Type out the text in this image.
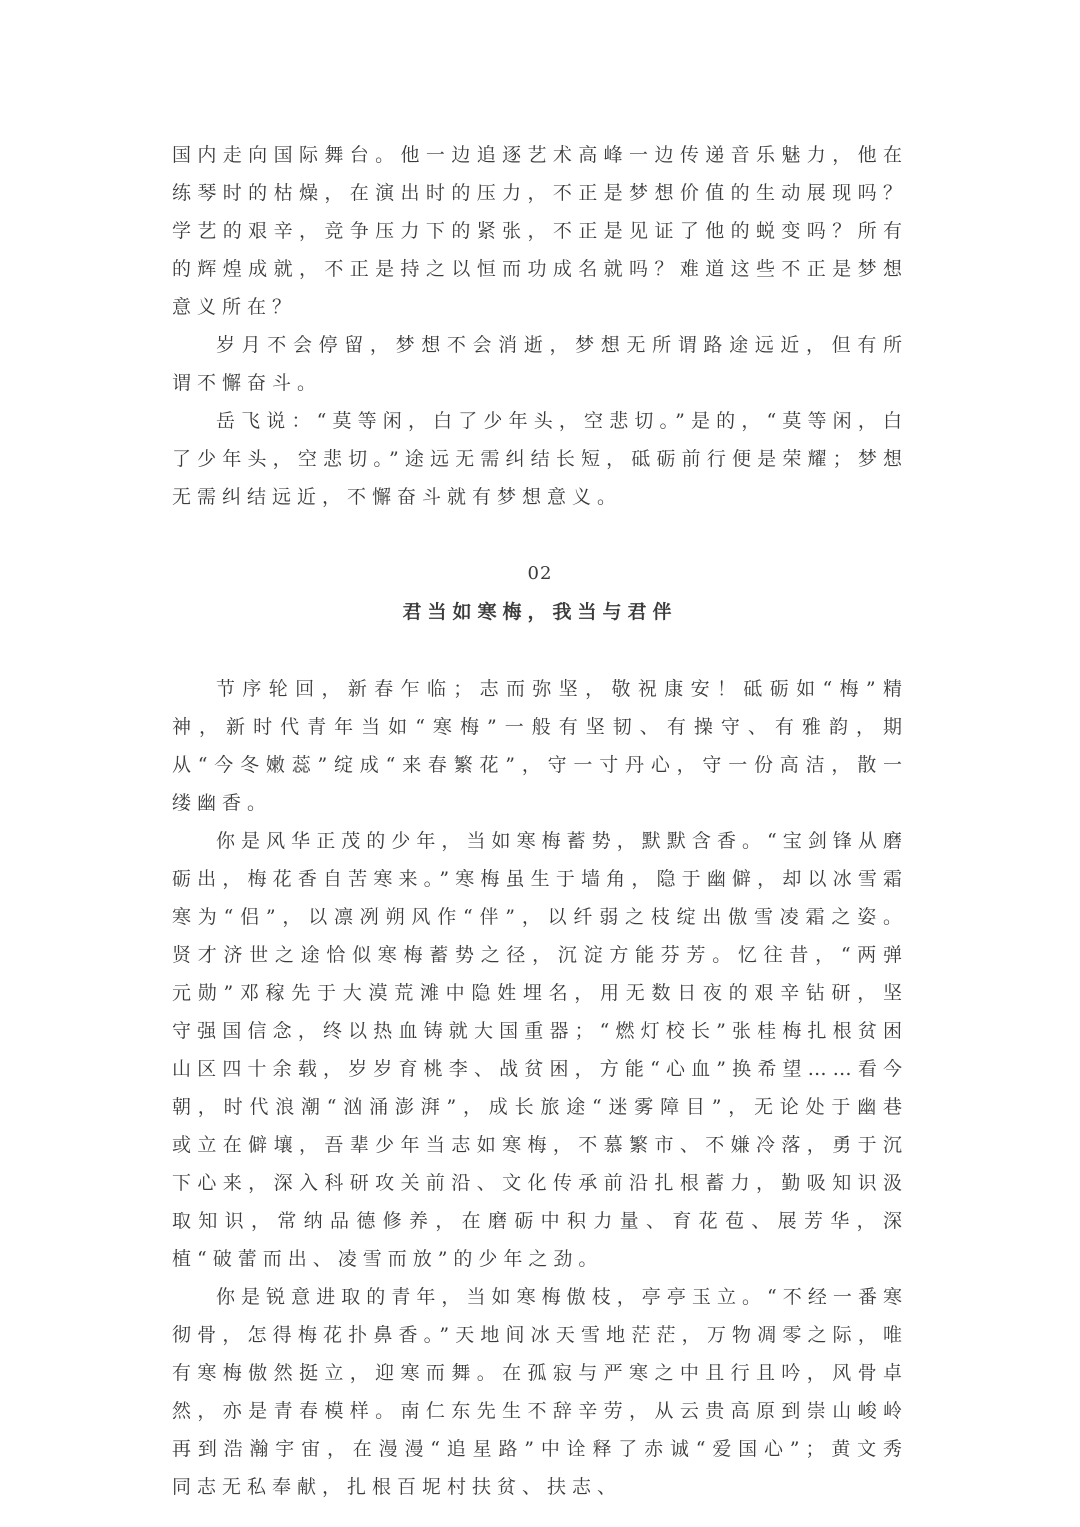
国内走向国际舞台。他一边追逐艺术高峰一边传递音乐魅力，他在练琴时的枯燥，在演出时的压力，不正是梦想价值的生动展现吗？学艺的艰辛，竞争压力下的紧张，不正是见证了他的蜕变吗？所有的辉煌成就，不正是持之以恒而功成名就吗？难道这些不正是梦想意义所在？

岁月不会停留，梦想不会消逝，梦想无所谓路途远近，但有所谓不懈奋斗。

岳飞说：“莫等闲，白了少年头，空悲切。”是的，“莫等闲，白了少年头，空悲切。”途远无需纠结长短，砥砺前行便是荣耀；梦想无需纠结远近，不懈奋斗就有梦想意义。

02
君当如寒梅，我当与君伴

节序轮回，新春乍临；志而弥坚，敬祝康安！砥砺如“梅”精神，新时代青年当如“寒梅”一般有坚韧、有操守、有雅韵，期从“今冬嫩蕊”绽成“来春繁花”，守一寸丹心，守一份高洁，散一缕幽香。

你是风华正茂的少年，当如寒梅蓄势，默默含香。“宝剑锋从磨砺出，梅花香自苦寒来。”寒梅虽生于墙角，隐于幽僻，却以冰雪霜寒为“侣”，以凛冽朔风作“伴”，以纤弱之枝绽出傲雪凌霜之姿。贤才济世之途恰似寒梅蓄势之径，沉淀方能芬芳。忆往昔，“两弹元勋”邓稼先于大漠荒滩中隐姓埋名，用无数日夜的艰辛钻研，坚守强国信念，终以热血铸就大国重器；“燃灯校长”张桂梅扎根贫困山区四十余载，岁岁育桃李、战贫困，方能“心血”换希望……看今朝，时代浪潮“汹涌澎湃”，成长旅途“迷雾障目”，无论处于幽巷或立在僻壤，吾辈少年当志如寒梅，不慕繁市、不嫌冷落，勇于沉下心来，深入科研攻关前沿、文化传承前沿扎根蓄力，勤吸知识汲取知识，常纳品德修养，在磨砺中积力量、育花苞、展芳华，深植“破蕾而出、凌雪而放”的少年之劲。

你是锐意进取的青年，当如寒梅傲枝，亭亭玉立。“不经一番寒彻骨，怎得梅花扑鼻香。”天地间冰天雪地茫茫，万物凋零之际，唯有寒梅傲然挺立，迎寒而舞。在孤寂与严寒之中且行且吟，风骨卓然，亦是青春模样。南仁东先生不辞辛劳，从云贵高原到崇山峻岭再到浩瀚宇宙，在漫漫“追星路”中诠释了赤诚“爱国心”；黄文秀同志无私奉献，扎根百坭村扶贫、扶志、
